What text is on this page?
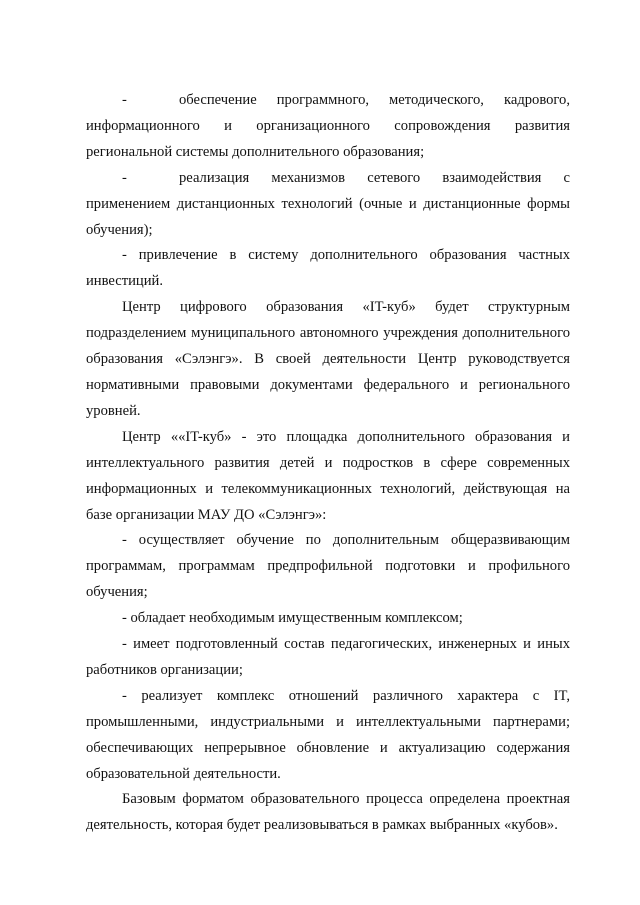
-	обеспечение программного, методического, кадрового, информационного и организационного сопровождения развития региональной системы дополнительного образования;

-	реализация механизмов сетевого взаимодействия с применением дистанционных технологий (очные и дистанционные формы обучения);

- привлечение в систему дополнительного образования частных инвестиций.

Центр цифрового образования «IT-куб» будет структурным подразделением муниципального автономного учреждения дополнительного образования «Сэлэнгэ». В своей деятельности Центр руководствуется нормативными правовыми документами федерального и регионального уровней.

Центр ««IT-куб» - это площадка дополнительного образования и интеллектуального развития детей и подростков в сфере современных информационных и телекоммуникационных технологий, действующая на базе организации МАУ ДО «Сэлэнгэ»:

- осуществляет обучение по дополнительным общеразвивающим программам, программам предпрофильной подготовки и профильного обучения;

- обладает необходимым имущественным комплексом;

- имеет подготовленный состав педагогических, инженерных и иных работников организации;

- реализует комплекс отношений различного характера с IT, промышленными, индустриальными и интеллектуальными партнерами; обеспечивающих непрерывное обновление и актуализацию содержания образовательной деятельности.

Базовым форматом образовательного процесса определена проектная деятельность, которая будет реализовываться в рамках выбранных «кубов».
